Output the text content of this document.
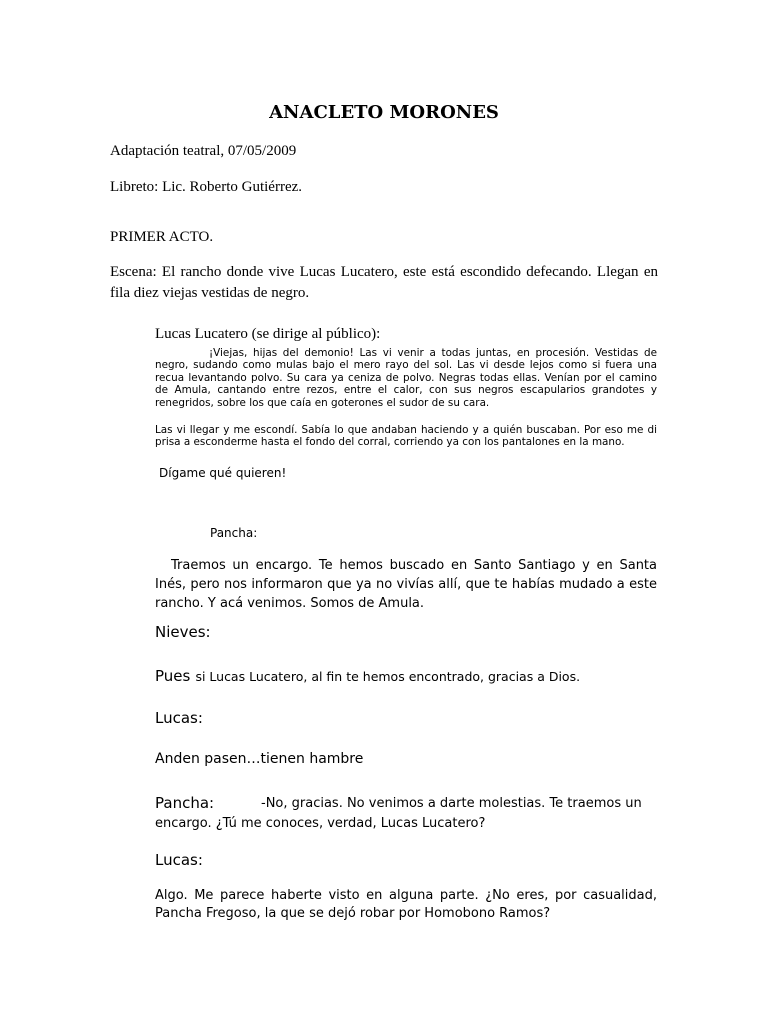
ANACLETO MORONES

Adaptación teatral, 07/05/2009

Libreto: Lic. Roberto Gutiérrez.

PRIMER ACTO.

Escena: El rancho donde vive Lucas Lucatero, este está escondido defecando. Llegan en fila diez viejas vestidas de negro.

Lucas Lucatero (se dirige al público):

¡Viejas, hijas del demonio! Las vi venir a todas juntas, en procesión. Vestidas de negro, sudando como mulas bajo el mero rayo del sol. Las vi desde lejos como si fuera una recua levantando polvo. Su cara ya ceniza de polvo. Negras todas ellas. Venían por el camino de Amula, cantando entre rezos, entre el calor, con sus negros escapularios grandotes y renegridos, sobre los que caía en goterones el sudor de su cara.

Las vi llegar y me escondí. Sabía lo que andaban haciendo y a quién buscaban. Por eso me di prisa a esconderme hasta el fondo del corral, corriendo ya con los pantalones en la mano.

Dígame qué quieren!

Pancha:

Traemos un encargo. Te hemos buscado en Santo Santiago y en Santa Inés, pero nos informaron que ya no vivías allí, que te habías mudado a este rancho. Y acá venimos. Somos de Amula.

Nieves:

Pues si Lucas Lucatero, al fin te hemos encontrado, gracias a Dios.

Lucas:

Anden pasen…tienen hambre

Pancha:	-No, gracias. No venimos a darte molestias. Te traemos un

encargo. ¿Tú me conoces, verdad, Lucas Lucatero?

Lucas:

Algo. Me parece haberte visto en alguna parte. ¿No eres, por casualidad, Pancha Fregoso, la que se dejó robar por Homobono Ramos?
